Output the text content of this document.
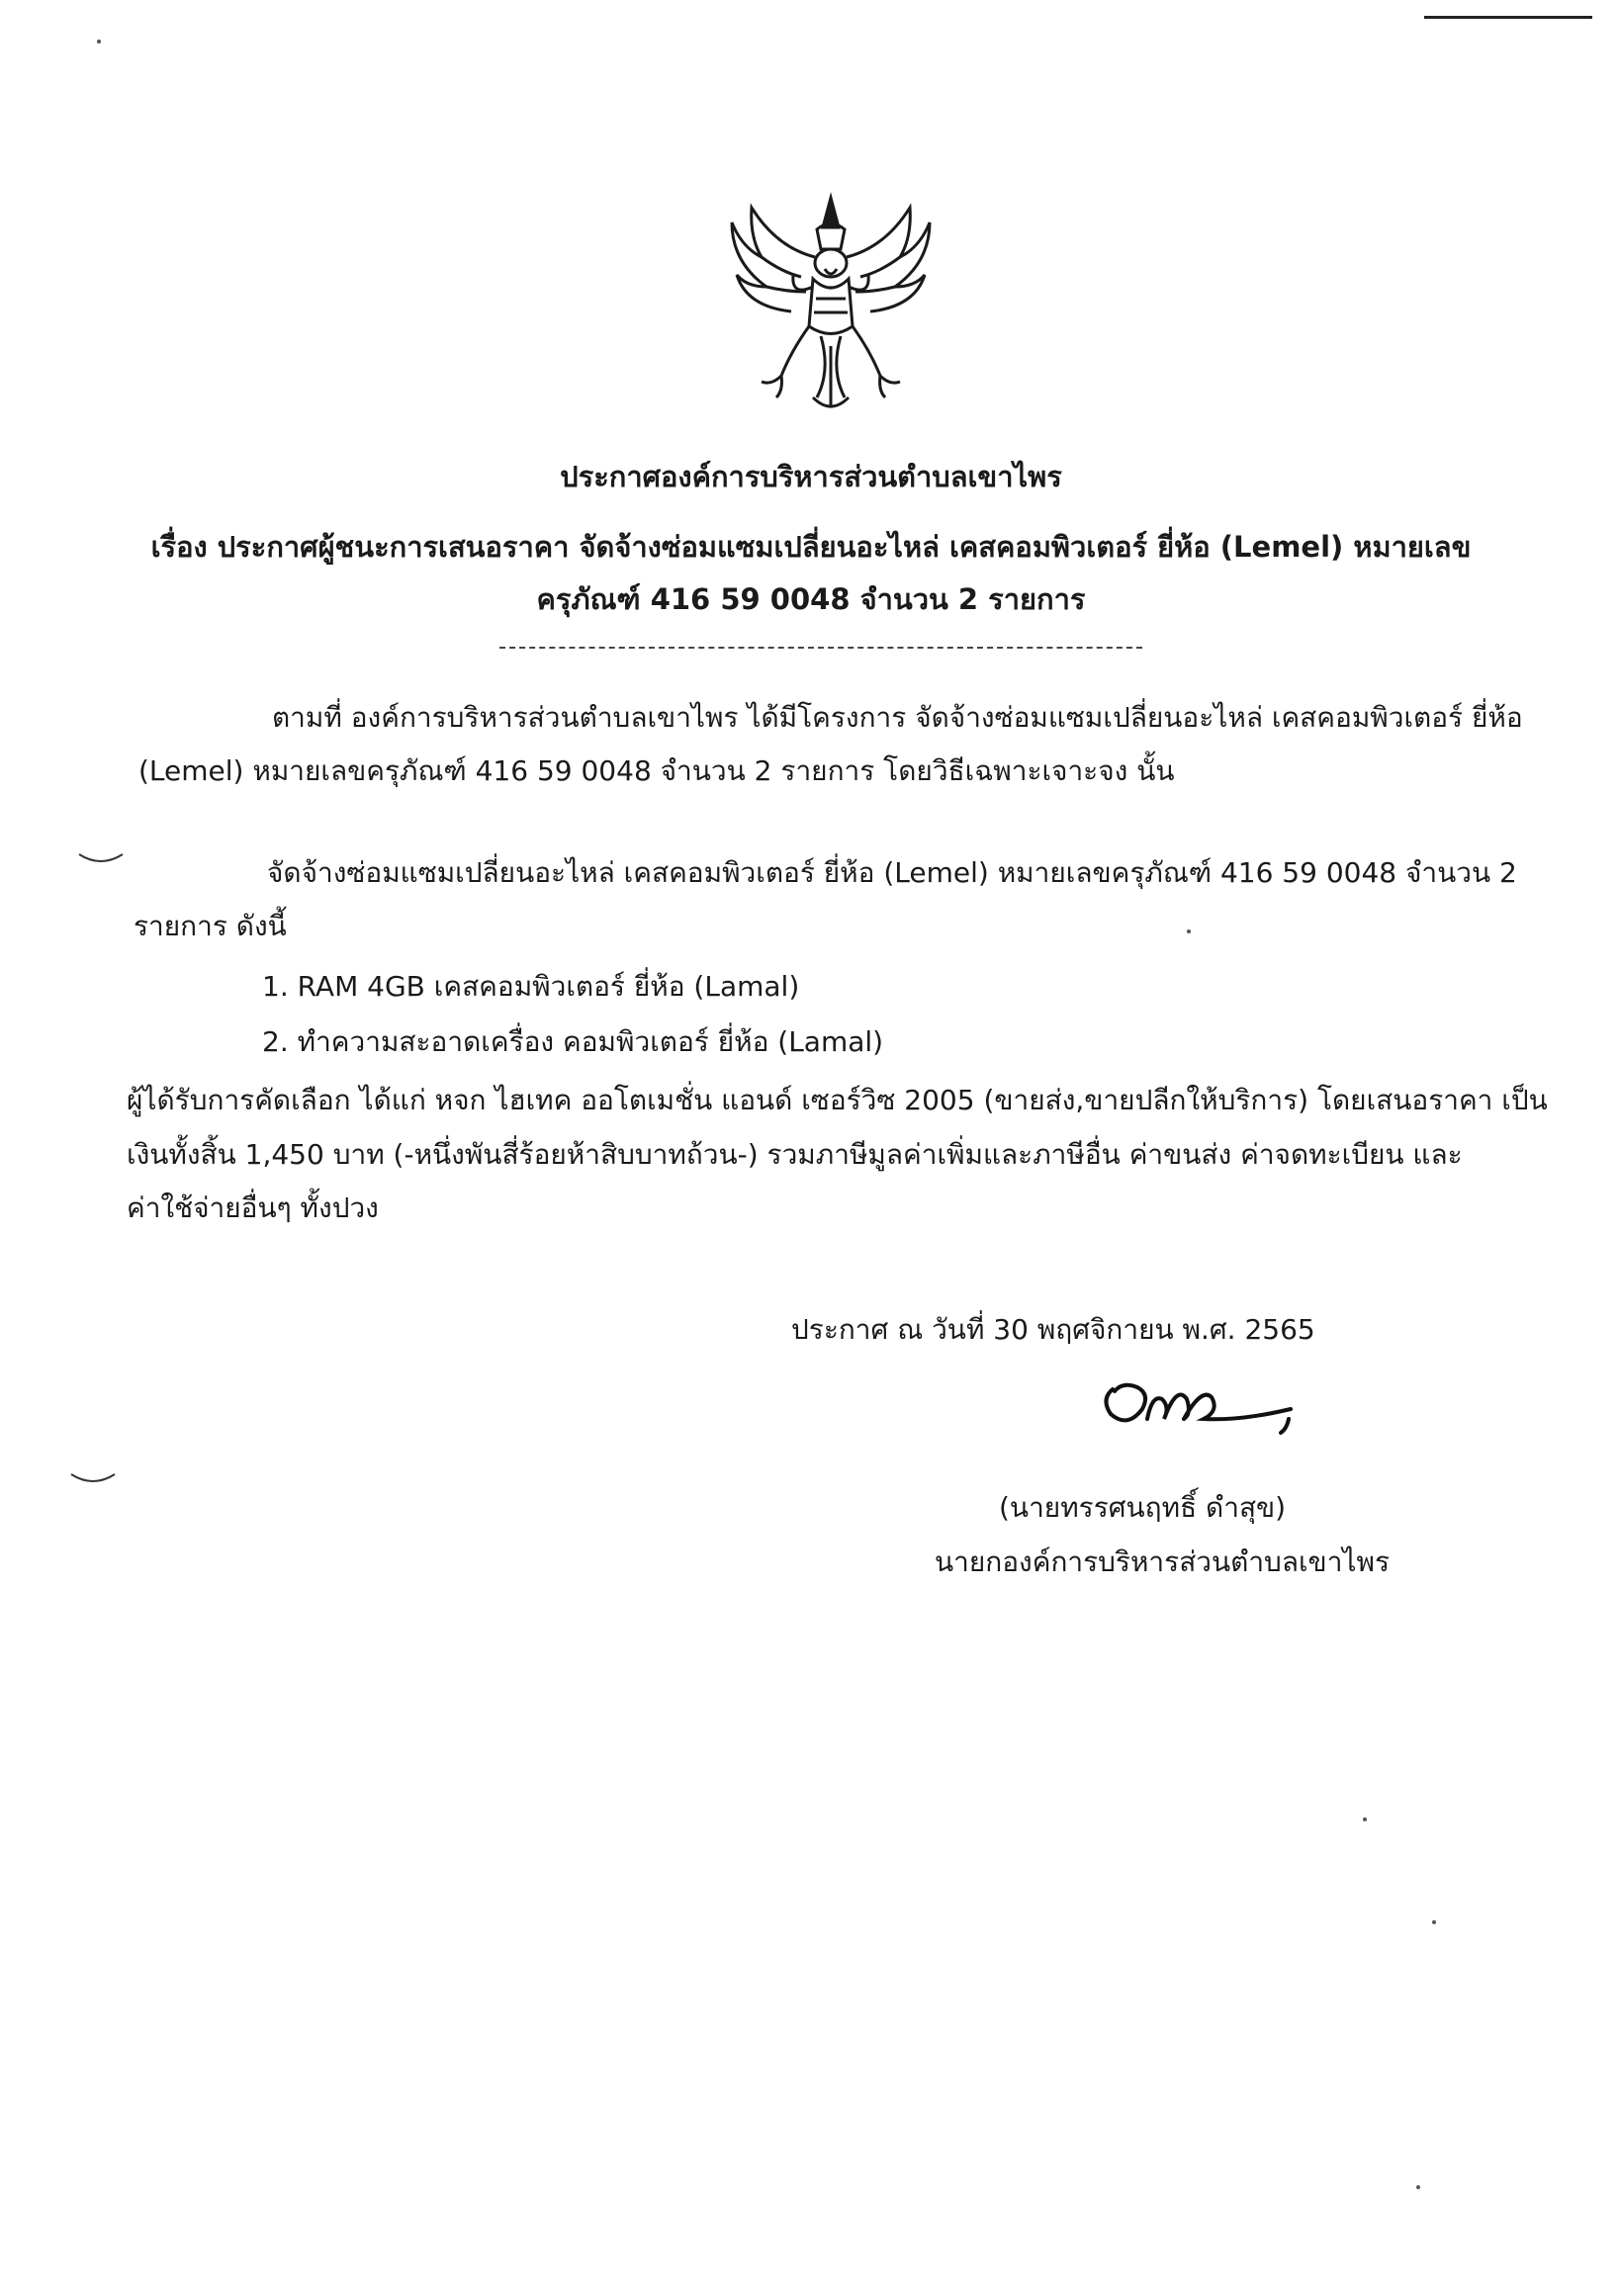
ประกาศองค์การบริหารส่วนตำบลเขาไพร
เรื่อง ประกาศผู้ชนะการเสนอราคา จัดจ้างซ่อมแซมเปลี่ยนอะไหล่ เคสคอมพิวเตอร์ ยี่ห้อ (Lemel) หมายเลข
ครุภัณฑ์ 416 59 0048 จำนวน 2 รายการ
ตามที่ องค์การบริหารส่วนตำบลเขาไพร ได้มีโครงการ จัดจ้างซ่อมแซมเปลี่ยนอะไหล่ เคสคอมพิวเตอร์ ยี่ห้อ
(Lemel) หมายเลขครุภัณฑ์ 416 59 0048 จำนวน 2 รายการ โดยวิธีเฉพาะเจาะจง นั้น
จัดจ้างซ่อมแซมเปลี่ยนอะไหล่ เคสคอมพิวเตอร์ ยี่ห้อ (Lemel) หมายเลขครุภัณฑ์ 416 59 0048 จำนวน 2
รายการ ดังนี้
1. RAM 4GB เคสคอมพิวเตอร์ ยี่ห้อ (Lamal)
2. ทำความสะอาดเครื่อง คอมพิวเตอร์ ยี่ห้อ (Lamal)
ผู้ได้รับการคัดเลือก ได้แก่ หจก ไฮเทค ออโตเมชั่น แอนด์ เซอร์วิซ 2005 (ขายส่ง,ขายปลีกให้บริการ) โดยเสนอราคา เป็น
เงินทั้งสิ้น 1,450 บาท (-หนึ่งพันสี่ร้อยห้าสิบบาทถ้วน-) รวมภาษีมูลค่าเพิ่มและภาษีอื่น ค่าขนส่ง ค่าจดทะเบียน และ
ค่าใช้จ่ายอื่นๆ ทั้งปวง
ประกาศ ณ วันที่ 30 พฤศจิกายน พ.ศ. 2565
(นายทรรศนฤทธิ์ ดำสุข)
นายกองค์การบริหารส่วนตำบลเขาไพร
